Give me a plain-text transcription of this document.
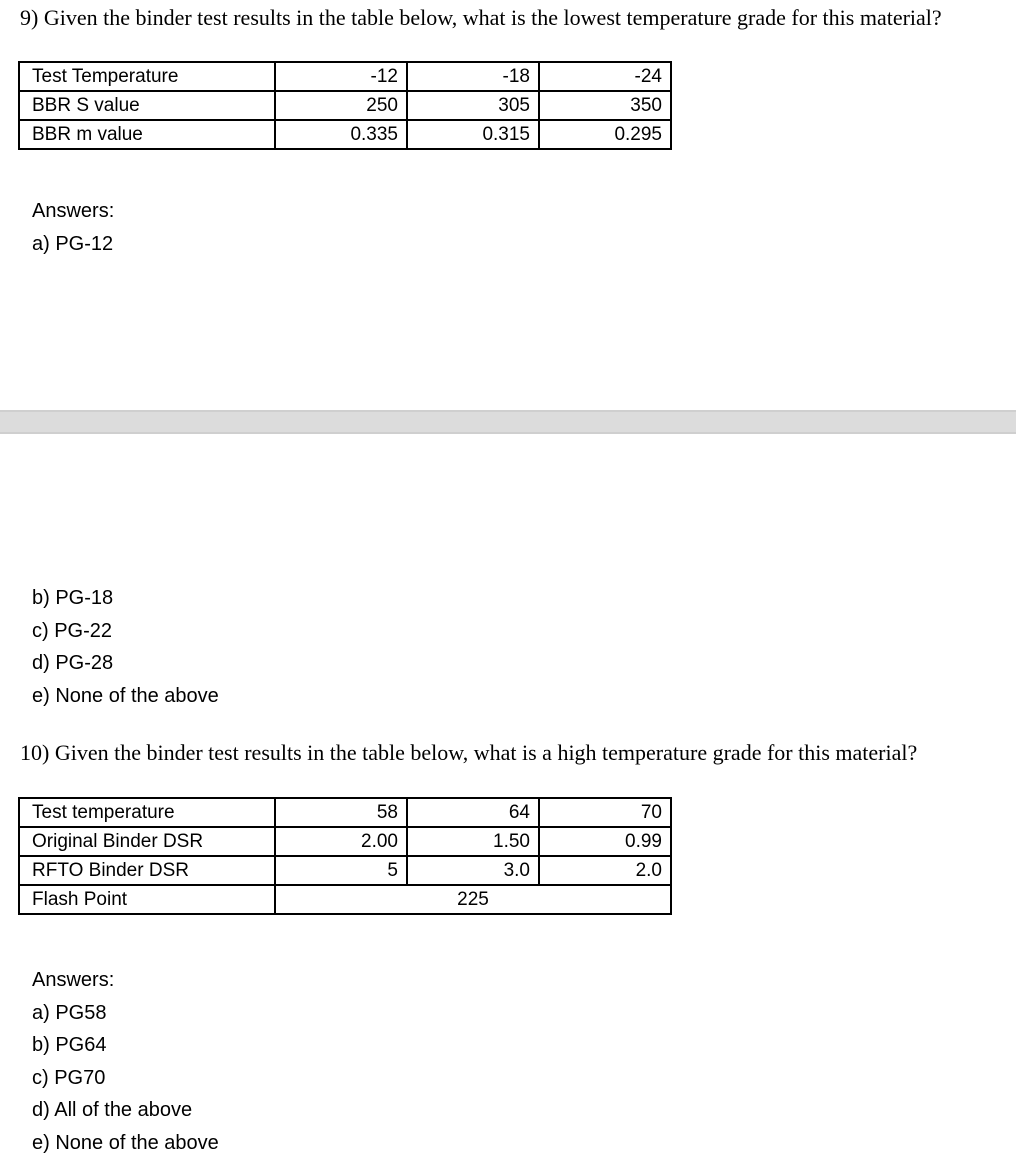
9) Given the binder test results in the table below, what is the lowest temperature grade for this material?

Test Temperature	-12	-18	-24
BBR S value	250	305	350
BBR m value	0.335	0.315	0.295
Answers:
a) PG-12
b) PG-18
c) PG-22
d) PG-28
e) None of the above

10) Given the binder test results in the table below, what is a high temperature grade for this material?

Test temperature	58	64	70
Original Binder DSR	2.00	1.50	0.99
RFTO Binder DSR	5	3.0	2.0
Flash Point	225		
Answers:
a) PG58
b) PG64
c) PG70
d) All of the above
e) None of the above
